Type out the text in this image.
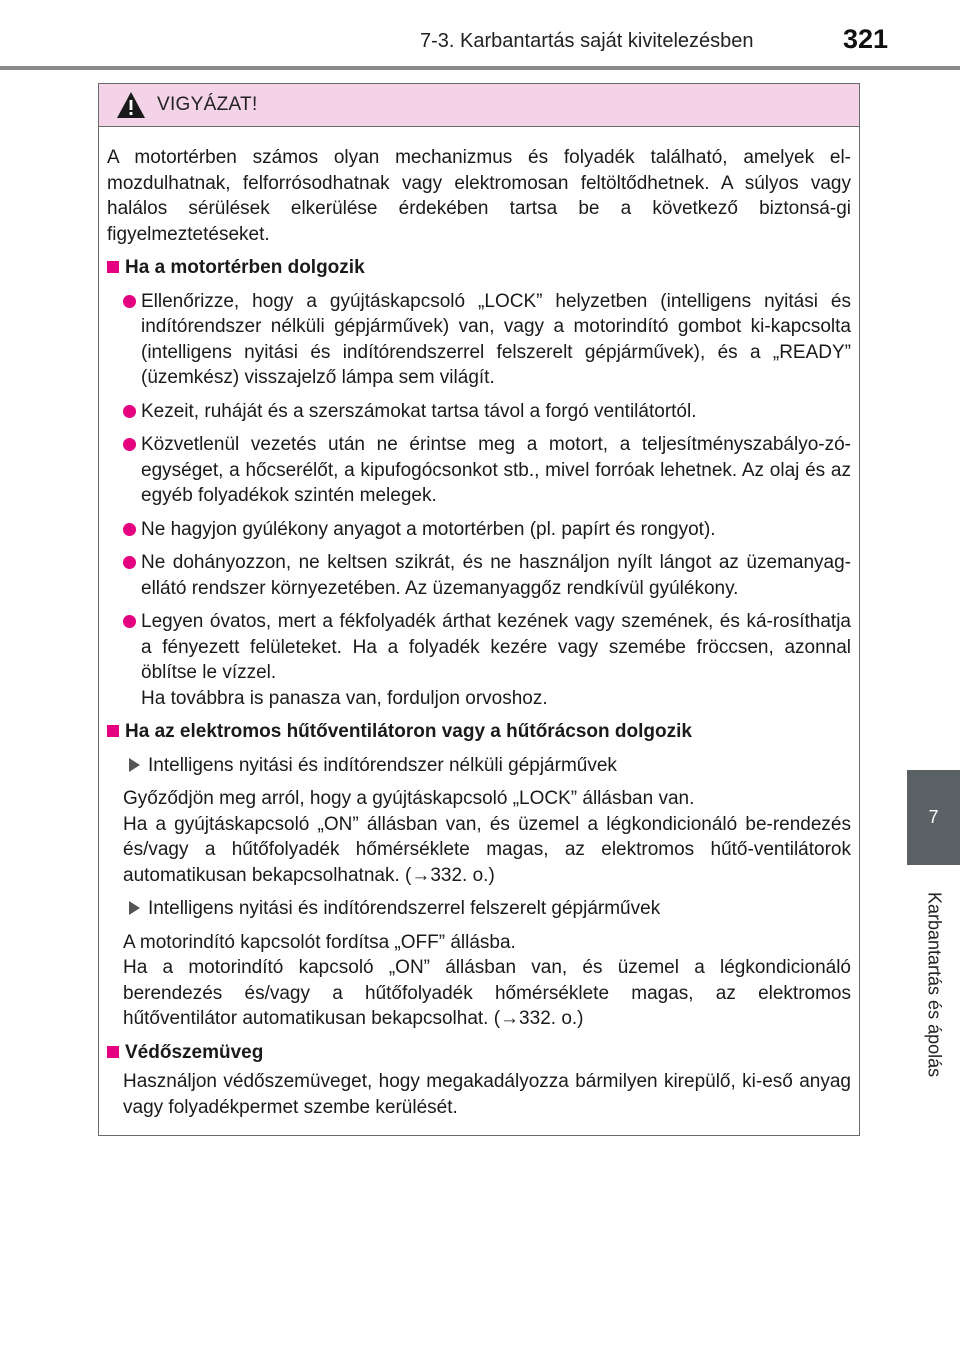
7-3. Karbantartás saját kivitelezésben	321
7
Karbantartás és ápolás
VIGYÁZAT!

A motortérben számos olyan mechanizmus és folyadék található, amelyek el-mozdulhatnak, felforrósodhatnak vagy elektromosan feltöltődhetnek. A súlyos vagy halálos sérülések elkerülése érdekében tartsa be a következő biztonsá-gi figyelmeztetéseket.

Ha a motortérben dolgozik
Ellenőrizze, hogy a gyújtáskapcsoló „LOCK” helyzetben (intelligens nyitási és indítórendszer nélküli gépjárművek) van, vagy a motorindító gombot ki-kapcsolta (intelligens nyitási és indítórendszerrel felszerelt gépjárművek), és a „READY” (üzemkész) visszajelző lámpa sem világít.
Kezeit, ruháját és a szerszámokat tartsa távol a forgó ventilátortól.
Közvetlenül vezetés után ne érintse meg a motort, a teljesítményszabályo-zó-egységet, a hőcserélőt, a kipufogócsonkot stb., mivel forróak lehetnek. Az olaj és az egyéb folyadékok szintén melegek.
Ne hagyjon gyúlékony anyagot a motortérben (pl. papírt és rongyot).
Ne dohányozzon, ne keltsen szikrát, és ne használjon nyílt lángot az üzemanyag-ellátó rendszer környezetében. Az üzemanyaggőz rendkívül gyúlékony.
Legyen óvatos, mert a fékfolyadék árthat kezének vagy szemének, és ká-rosíthatja a fényezett felületeket. Ha a folyadék kezére vagy szemébe fröccsen, azonnal öblítse le vízzel.
Ha továbbra is panasza van, forduljon orvoshoz.
Ha az elektromos hűtőventilátoron vagy a hűtőrácson dolgozik
Intelligens nyitási és indítórendszer nélküli gépjárművek

Győződjön meg arról, hogy a gyújtáskapcsoló „LOCK” állásban van.

Ha a gyújtáskapcsoló „ON” állásban van, és üzemel a légkondicionáló be-rendezés és/vagy a hűtőfolyadék hőmérséklete magas, az elektromos hűtő-ventilátorok automatikusan bekapcsolhatnak. (→332. o.)

Intelligens nyitási és indítórendszerrel felszerelt gépjárművek

A motorindító kapcsolót fordítsa „OFF” állásba.

Ha a motorindító kapcsoló „ON” állásban van, és üzemel a légkondicionáló berendezés és/vagy a hűtőfolyadék hőmérséklete magas, az elektromos hűtőventilátor automatikusan bekapcsolhat. (→332. o.)

Védőszemüveg

Használjon védőszemüveget, hogy megakadályozza bármilyen kirepülő, ki-eső anyag vagy folyadékpermet szembe kerülését.
